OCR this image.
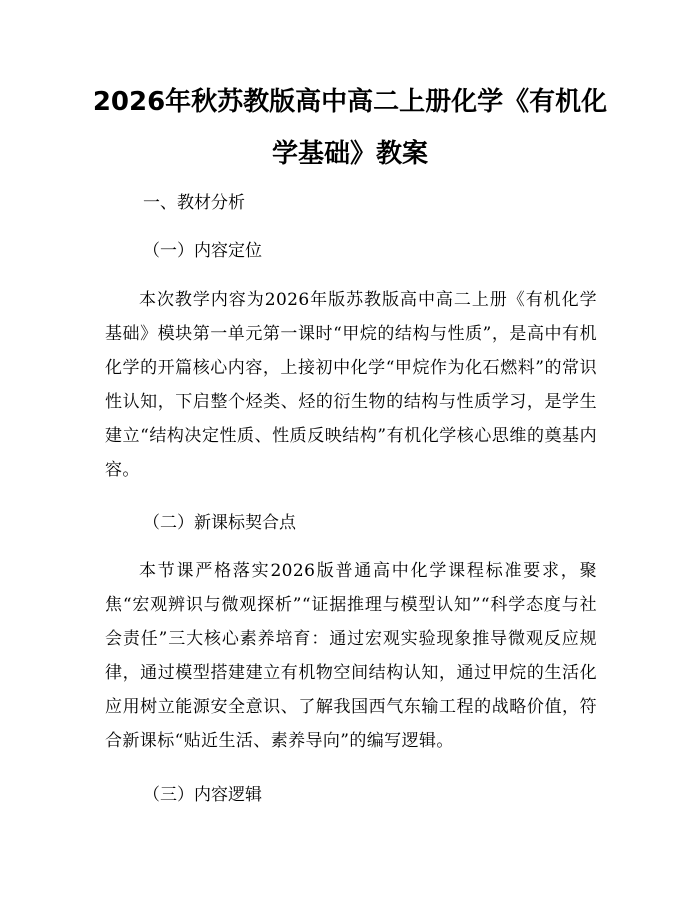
2026年秋苏教版高中高二上册化学《有机化学基础》教案

一、教材分析

（一）内容定位

本次教学内容为2026年版苏教版高中高二上册《有机化学基础》模块第一单元第一课时“甲烷的结构与性质”，是高中有机化学的开篇核心内容，上接初中化学“甲烷作为化石燃料”的常识性认知，下启整个烃类、烃的衍生物的结构与性质学习，是学生建立“结构决定性质、性质反映结构”有机化学核心思维的奠基内容。

（二）新课标契合点

本节课严格落实2026版普通高中化学课程标准要求，聚焦“宏观辨识与微观探析”“证据推理与模型认知”“科学态度与社会责任”三大核心素养培育：通过宏观实验现象推导微观反应规律，通过模型搭建建立有机物空间结构认知，通过甲烷的生活化应用树立能源安全意识、了解我国西气东输工程的战略价值，符合新课标“贴近生活、素养导向”的编写逻辑。

（三）内容逻辑
